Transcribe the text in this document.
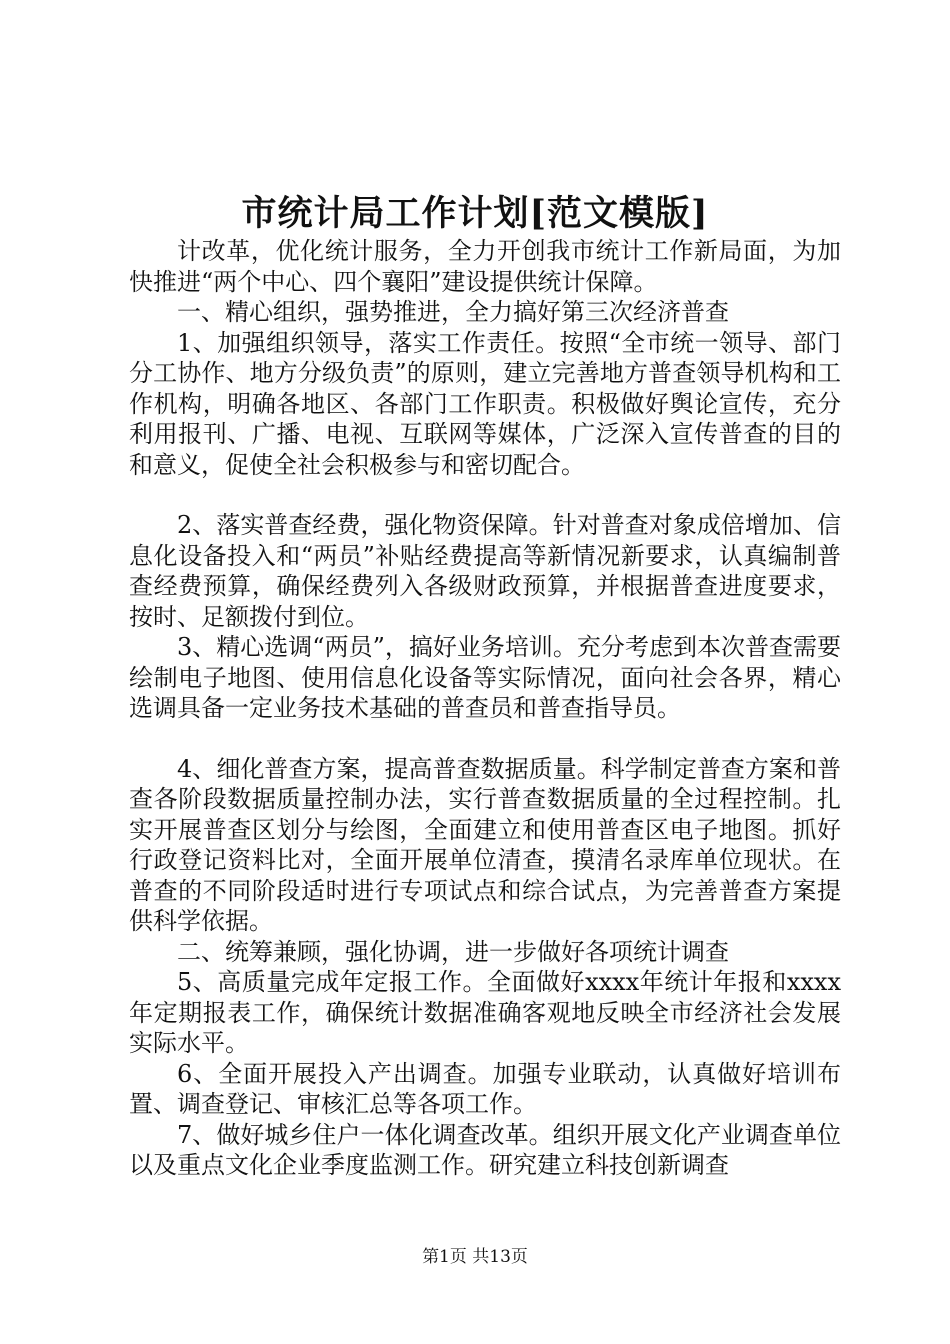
市统计局工作计划[范文模版]

计改革，优化统计服务，全力开创我市统计工作新局面，为加快推进“两个中心、四个襄阳”建设提供统计保障。

一、精心组织，强势推进，全力搞好第三次经济普查

1、加强组织领导，落实工作责任。按照“全市统一领导、部门分工协作、地方分级负责”的原则，建立完善地方普查领导机构和工作机构，明确各地区、各部门工作职责。积极做好舆论宣传，充分利用报刊、广播、电视、互联网等媒体，广泛深入宣传普查的目的和意义，促使全社会积极参与和密切配合。

2、落实普查经费，强化物资保障。针对普查对象成倍增加、信息化设备投入和“两员”补贴经费提高等新情况新要求，认真编制普查经费预算，确保经费列入各级财政预算，并根据普查进度要求，按时、足额拨付到位。

3、精心选调“两员”，搞好业务培训。充分考虑到本次普查需要绘制电子地图、使用信息化设备等实际情况，面向社会各界，精心选调具备一定业务技术基础的普查员和普查指导员。

4、细化普查方案，提高普查数据质量。科学制定普查方案和普查各阶段数据质量控制办法，实行普查数据质量的全过程控制。扎实开展普查区划分与绘图，全面建立和使用普查区电子地图。抓好行政登记资料比对，全面开展单位清查，摸清名录库单位现状。在普查的不同阶段适时进行专项试点和综合试点，为完善普查方案提供科学依据。

二、统筹兼顾，强化协调，进一步做好各项统计调查

5、高质量完成年定报工作。全面做好xxxx年统计年报和xxxx年定期报表工作，确保统计数据准确客观地反映全市经济社会发展实际水平。

6、全面开展投入产出调查。加强专业联动，认真做好培训布置、调查登记、审核汇总等各项工作。

7、做好城乡住户一体化调查改革。组织开展文化产业调查单位以及重点文化企业季度监测工作。研究建立科技创新调查

第1页 共13页
